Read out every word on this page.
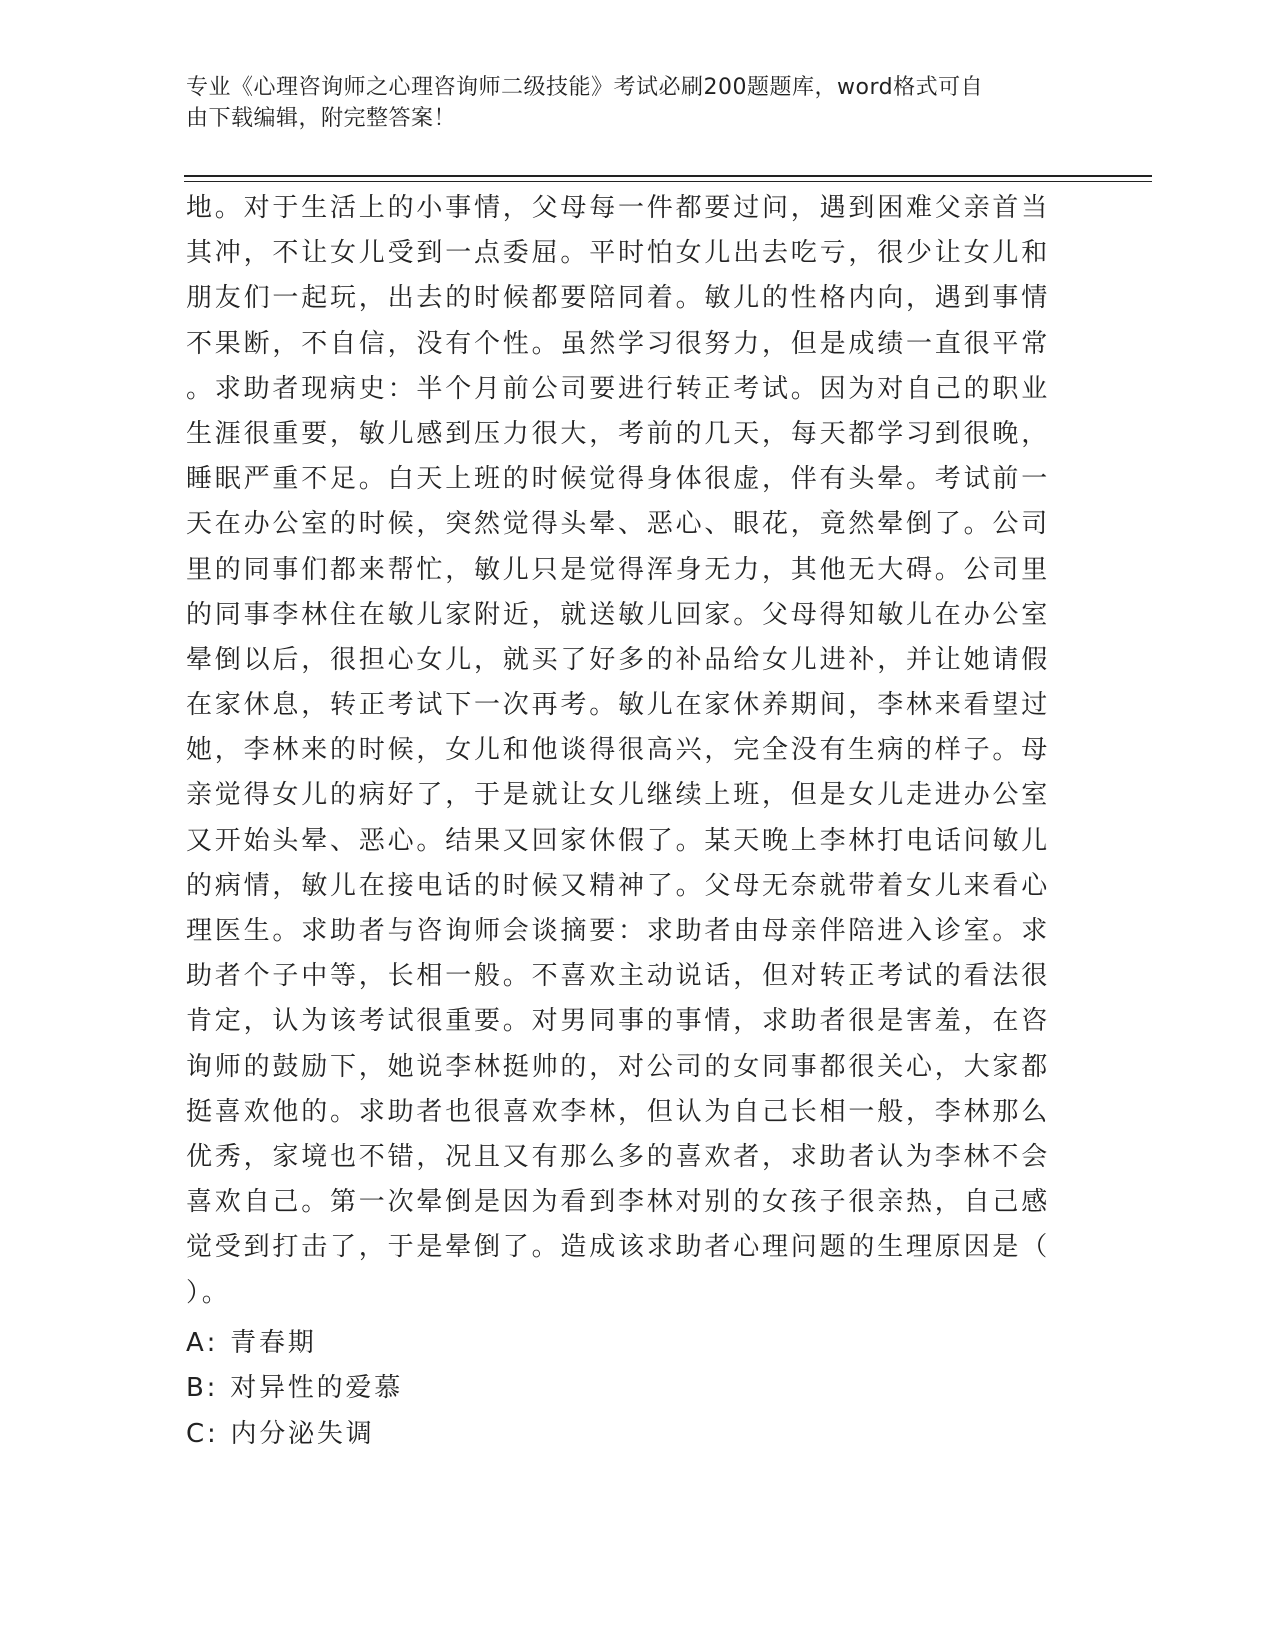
专业《心理咨询师之心理咨询师二级技能》考试必刷200题题库，word格式可自
由下载编辑，附完整答案！
地。对于生活上的小事情，父母每一件都要过问，遇到困难父亲首当
其冲，不让女儿受到一点委屈。平时怕女儿出去吃亏，很少让女儿和
朋友们一起玩，出去的时候都要陪同着。敏儿的性格内向，遇到事情
不果断，不自信，没有个性。虽然学习很努力，但是成绩一直很平常
。求助者现病史：半个月前公司要进行转正考试。因为对自己的职业
生涯很重要，敏儿感到压力很大，考前的几天，每天都学习到很晚，
睡眠严重不足。白天上班的时候觉得身体很虚，伴有头晕。考试前一
天在办公室的时候，突然觉得头晕、恶心、眼花，竟然晕倒了。公司
里的同事们都来帮忙，敏儿只是觉得浑身无力，其他无大碍。公司里
的同事李林住在敏儿家附近，就送敏儿回家。父母得知敏儿在办公室
晕倒以后，很担心女儿，就买了好多的补品给女儿进补，并让她请假
在家休息，转正考试下一次再考。敏儿在家休养期间，李林来看望过
她，李林来的时候，女儿和他谈得很高兴，完全没有生病的样子。母
亲觉得女儿的病好了，于是就让女儿继续上班，但是女儿走进办公室
又开始头晕、恶心。结果又回家休假了。某天晚上李林打电话问敏儿
的病情，敏儿在接电话的时候又精神了。父母无奈就带着女儿来看心
理医生。求助者与咨询师会谈摘要：求助者由母亲伴陪进入诊室。求
助者个子中等，长相一般。不喜欢主动说话，但对转正考试的看法很
肯定，认为该考试很重要。对男同事的事情，求助者很是害羞，在咨
询师的鼓励下，她说李林挺帅的，对公司的女同事都很关心，大家都
挺喜欢他的。求助者也很喜欢李林，但认为自己长相一般，李林那么
优秀，家境也不错，况且又有那么多的喜欢者，求助者认为李林不会
喜欢自己。第一次晕倒是因为看到李林对别的女孩子很亲热，自己感
觉受到打击了，于是晕倒了。造成该求助者心理问题的生理原因是（
）。
A : 青春期
B : 对异性的爱慕
C : 内分泌失调
